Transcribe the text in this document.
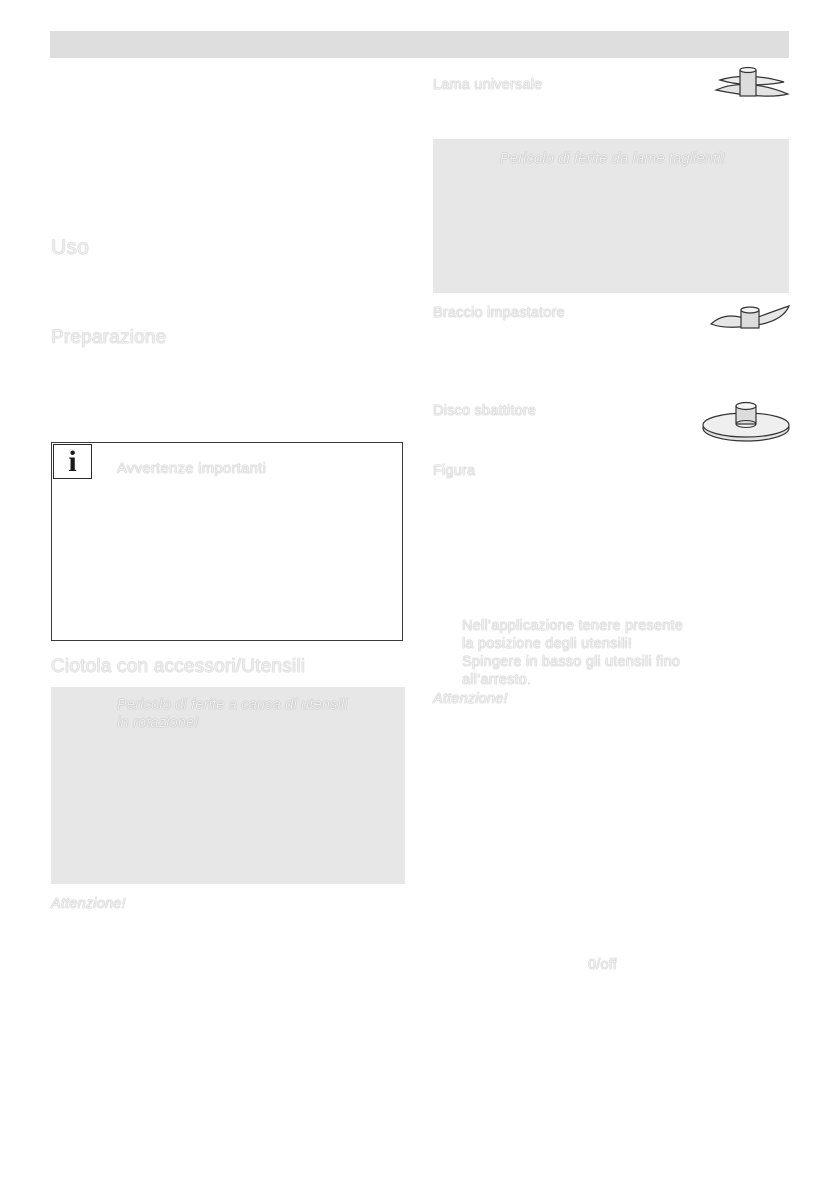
Uso
Preparazione
i	Avvertenze importanti
Ciotola con accessori/Utensili
Pericolo di ferite a causa di utensili
in rotazione!
Attenzione!
Lama universale
Pericolo di ferite da lame taglienti!
Braccio impastatore
Disco sbattitore
Figura
Nell’applicazione tenere presente
la posizione degli utensili!
Spingere in basso gli utensili fino
all’arresto.
Attenzione!
0/off
